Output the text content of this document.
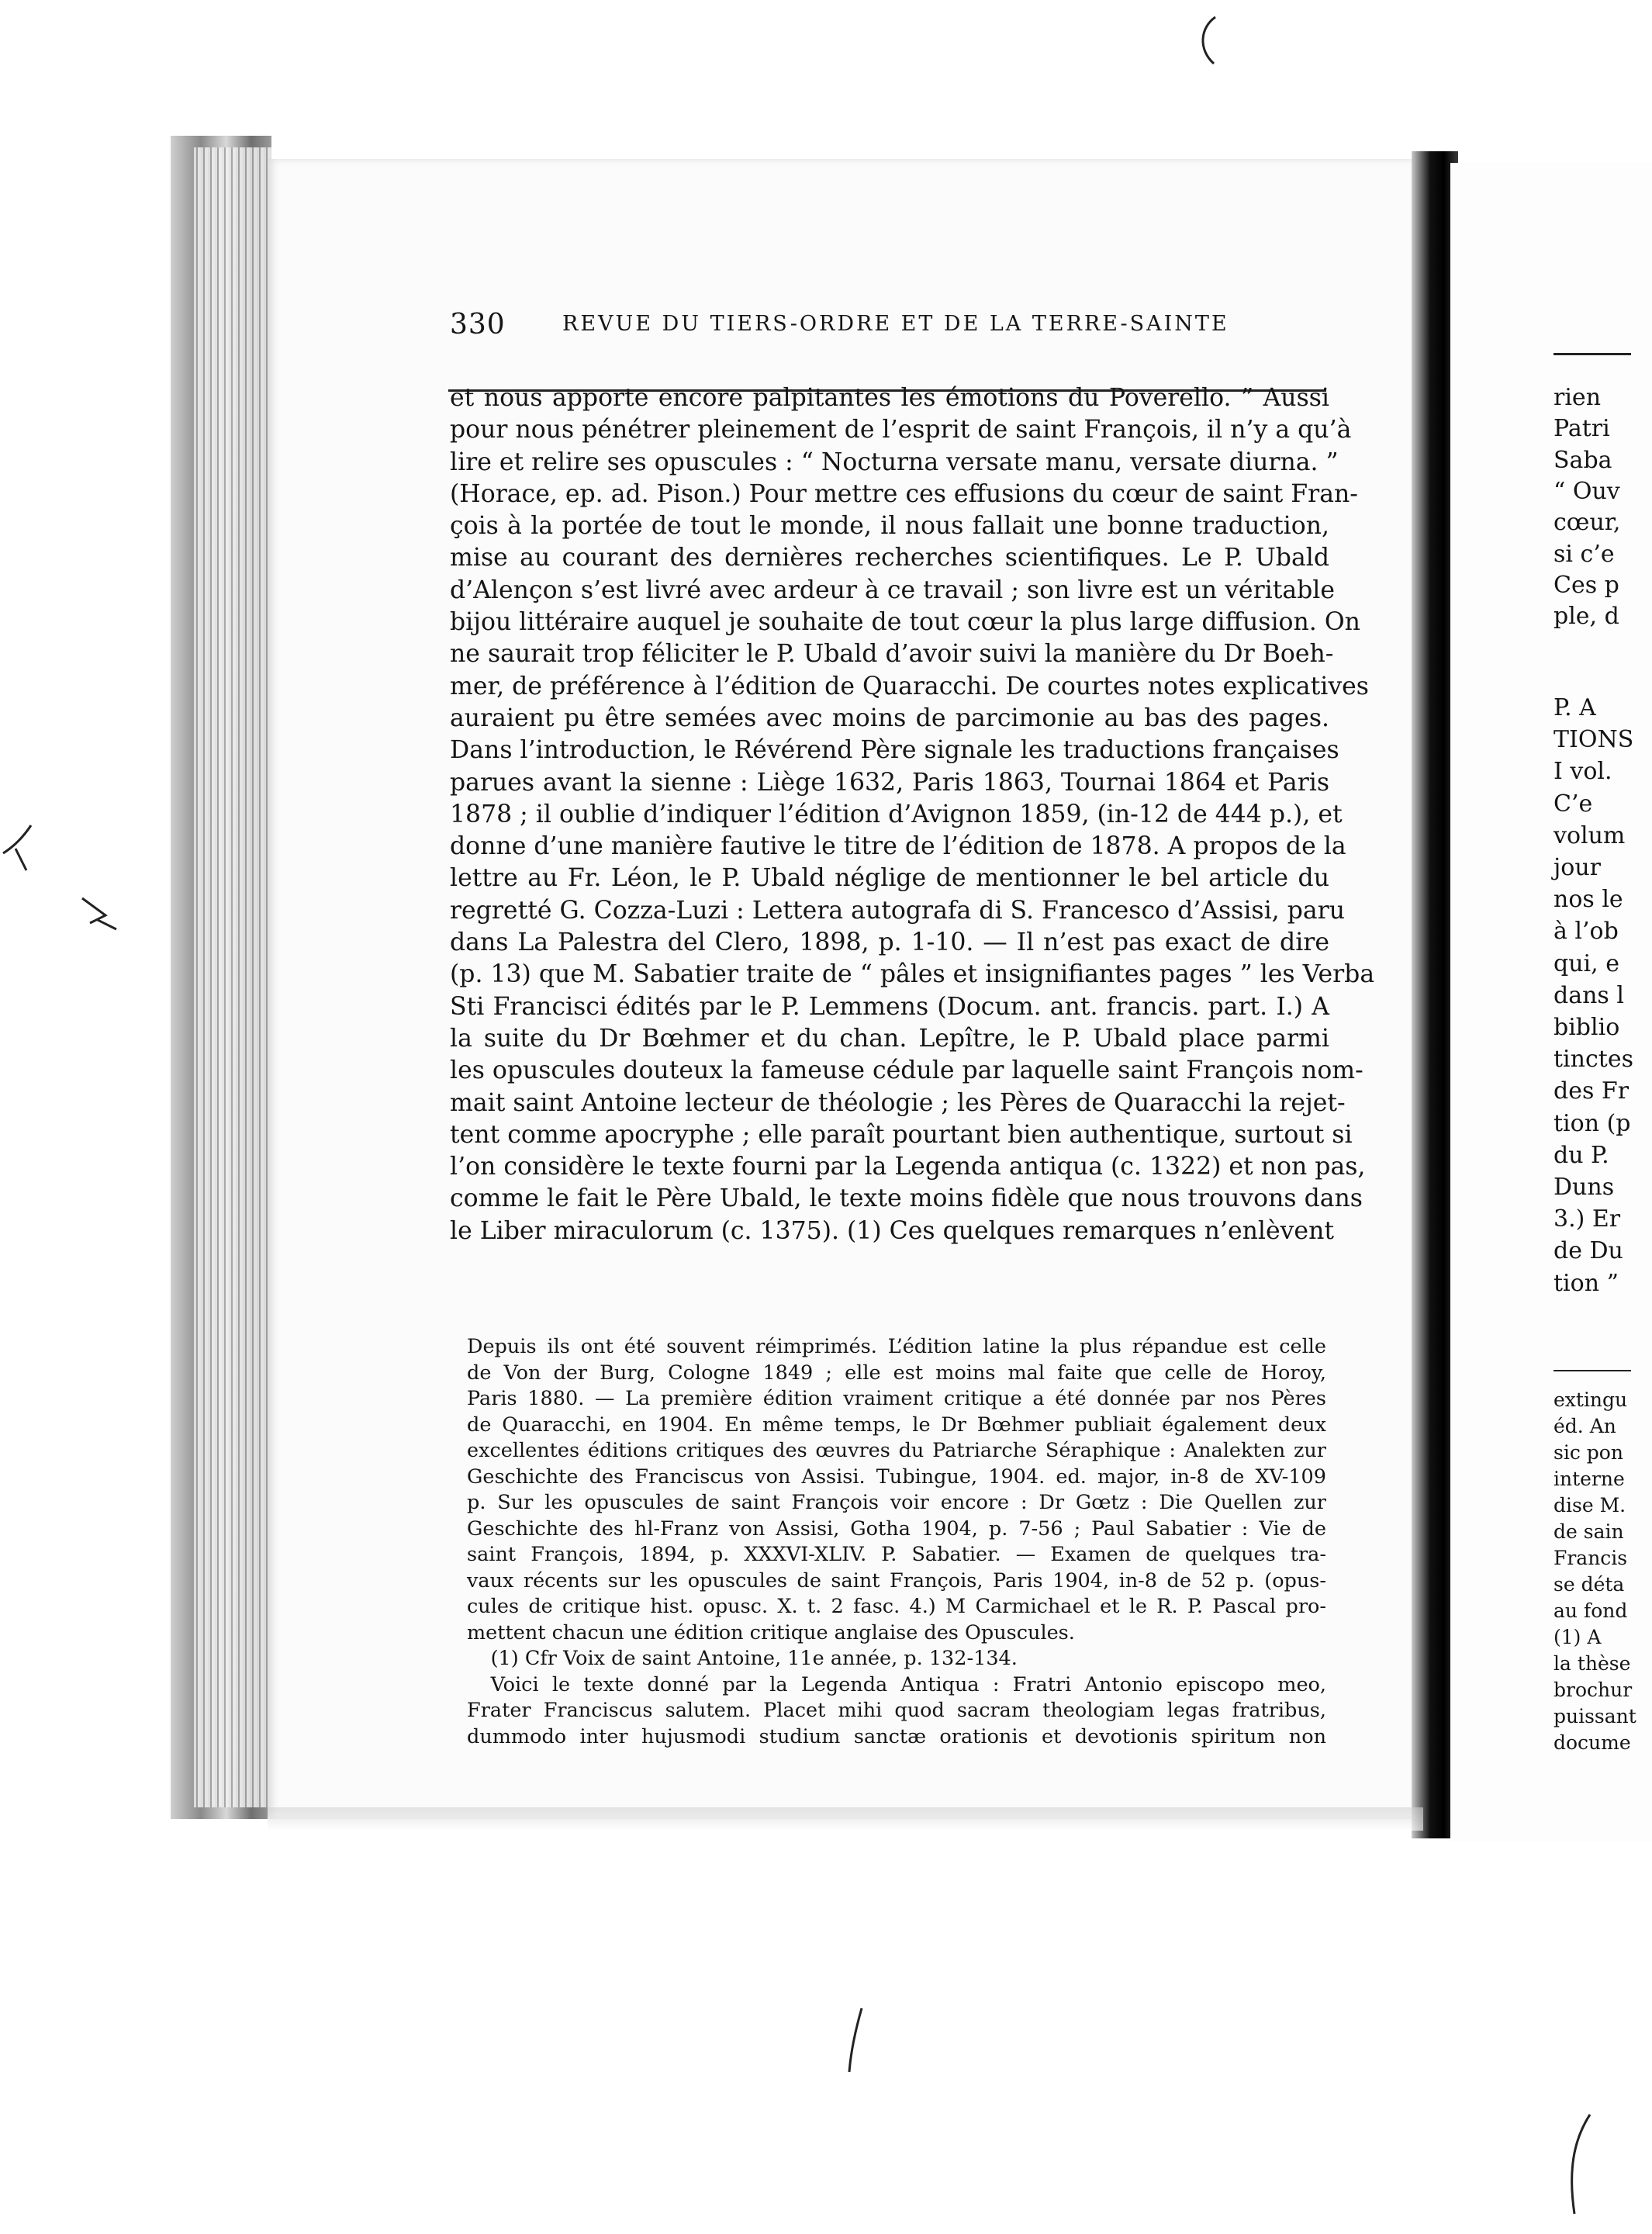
330	REVUE DU TIERS-ORDRE ET DE LA TERRE-SAINTE
et nous apporte encore palpitantes les émotions du Poverello. ” Aussi
pour nous pénétrer pleinement de l’esprit de saint François, il n’y a qu’à
lire et relire ses opuscules : “ Nocturna versate manu, versate diurna. ”
(Horace, ep. ad. Pison.) Pour mettre ces effusions du cœur de saint Fran-
çois à la portée de tout le monde, il nous fallait une bonne traduction,
mise au courant des dernières recherches scientifiques. Le P. Ubald
d’Alençon s’est livré avec ardeur à ce travail ; son livre est un véritable
bijou littéraire auquel je souhaite de tout cœur la plus large diffusion. On
ne saurait trop féliciter le P. Ubald d’avoir suivi la manière du Dr Boeh-
mer, de préférence à l’édition de Quaracchi. De courtes notes explicatives
auraient pu être semées avec moins de parcimonie au bas des pages.
Dans l’introduction, le Révérend Père signale les traductions françaises
parues avant la sienne : Liège 1632, Paris 1863, Tournai 1864 et Paris
1878 ; il oublie d’indiquer l’édition d’Avignon 1859, (in-12 de 444 p.), et
donne d’une manière fautive le titre de l’édition de 1878. A propos de la
lettre au Fr. Léon, le P. Ubald néglige de mentionner le bel article du
regretté G. Cozza-Luzi : Lettera autografa di S. Francesco d’Assisi, paru
dans La Palestra del Clero, 1898, p. 1-10. — Il n’est pas exact de dire
(p. 13) que M. Sabatier traite de “ pâles et insignifiantes pages ” les Verba
Sti Francisci édités par le P. Lemmens (Docum. ant. francis. part. I.) A
la suite du Dr Bœhmer et du chan. Lepître, le P. Ubald place parmi
les opuscules douteux la fameuse cédule par laquelle saint François nom-
mait saint Antoine lecteur de théologie ; les Pères de Quaracchi la rejet-
tent comme apocryphe ; elle paraît pourtant bien authentique, surtout si
l’on considère le texte fourni par la Legenda antiqua (c. 1322) et non pas,
comme le fait le Père Ubald, le texte moins fidèle que nous trouvons dans
le Liber miraculorum (c. 1375). (1) Ces quelques remarques n’enlèvent
Depuis ils ont été souvent réimprimés. L’édition latine la plus répandue est celle
de Von der Burg, Cologne 1849 ; elle est moins mal faite que celle de Horoy,
Paris 1880. — La première édition vraiment critique a été donnée par nos Pères
de Quaracchi, en 1904. En même temps, le Dr Bœhmer publiait également deux
excellentes éditions critiques des œuvres du Patriarche Séraphique : Analekten zur
Geschichte des Franciscus von Assisi. Tubingue, 1904. ed. major, in-8 de XV-109
p. Sur les opuscules de saint François voir encore : Dr Gœtz : Die Quellen zur
Geschichte des hl-Franz von Assisi, Gotha 1904, p. 7-56 ; Paul Sabatier : Vie de
saint François, 1894, p. XXXVI-XLIV. P. Sabatier. — Examen de quelques tra-
vaux récents sur les opuscules de saint François, Paris 1904, in-8 de 52 p. (opus-
cules de critique hist. opusc. X. t. 2 fasc. 4.) M Carmichael et le R. P. Pascal pro-
mettent chacun une édition critique anglaise des Opuscules.

(1) Cfr Voix de saint Antoine, 11e année, p. 132-134.

Voici le texte donné par la Legenda Antiqua : Fratri Antonio episcopo meo,
Frater Franciscus salutem. Placet mihi quod sacram theologiam legas fratribus,
dummodo inter hujusmodi studium sanctæ orationis et devotionis spiritum non
rien
Patri
Saba
“ Ouv
cœur,
si c’e
Ces p
ple, d
P. A
TIONS
I vol.
C’e
volum
jour
nos le
à l’ob
qui, e
dans l
biblio
tinctes
des Fr
tion (p
du P.
Duns
3.) Er
de Du
tion ”
extingu
éd. An
sic pon
interne
dise M.
de sain
Francis
se déta
au fond
(1) A
la thèse
brochur
puissant
docume
